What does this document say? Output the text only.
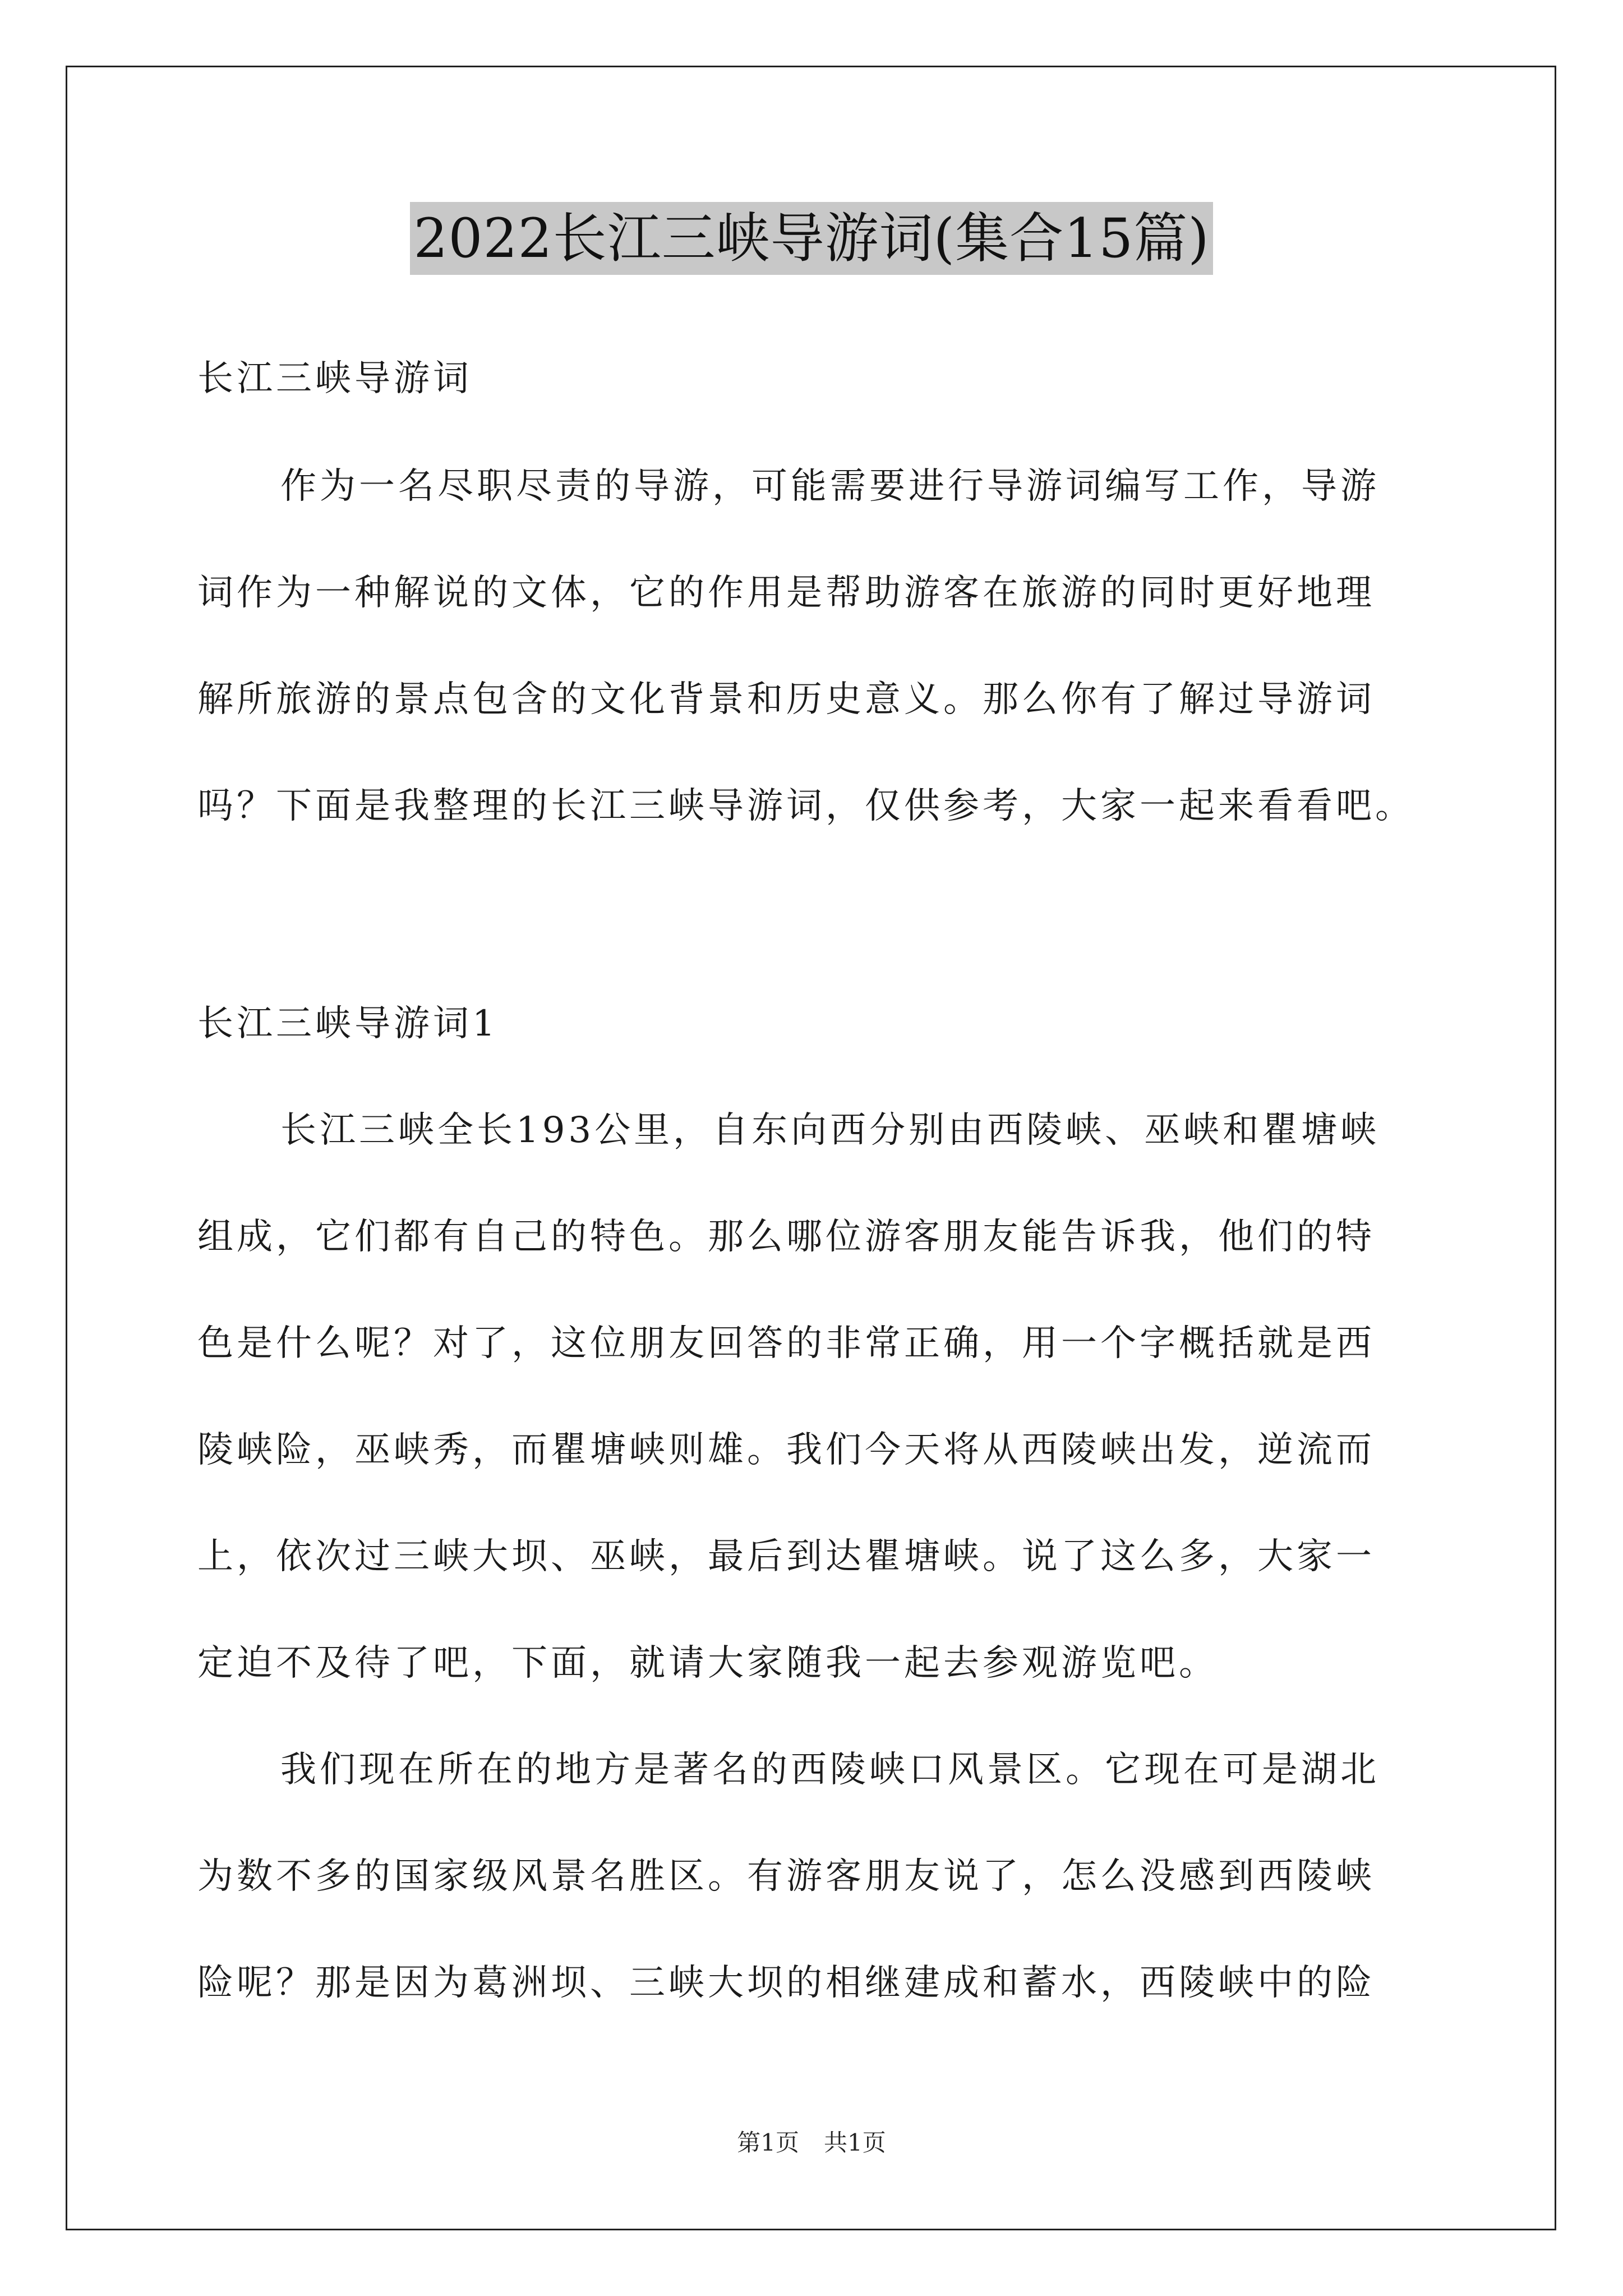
2022长江三峡导游词(集合15篇)
长江三峡导游词
作为一名尽职尽责的导游，可能需要进行导游词编写工作，导游
词作为一种解说的文体，它的作用是帮助游客在旅游的同时更好地理
解所旅游的景点包含的文化背景和历史意义。那么你有了解过导游词
吗？下面是我整理的长江三峡导游词，仅供参考，大家一起来看看吧。
长江三峡导游词1
长江三峡全长193公里，自东向西分别由西陵峡、巫峡和瞿塘峡
组成，它们都有自己的特色。那么哪位游客朋友能告诉我，他们的特
色是什么呢？对了，这位朋友回答的非常正确，用一个字概括就是西
陵峡险，巫峡秀，而瞿塘峡则雄。我们今天将从西陵峡出发，逆流而
上，依次过三峡大坝、巫峡，最后到达瞿塘峡。说了这么多，大家一
定迫不及待了吧，下面，就请大家随我一起去参观游览吧。
我们现在所在的地方是著名的西陵峡口风景区。它现在可是湖北
为数不多的国家级风景名胜区。有游客朋友说了，怎么没感到西陵峡
险呢？那是因为葛洲坝、三峡大坝的相继建成和蓄水，西陵峡中的险
第1页 共1页
